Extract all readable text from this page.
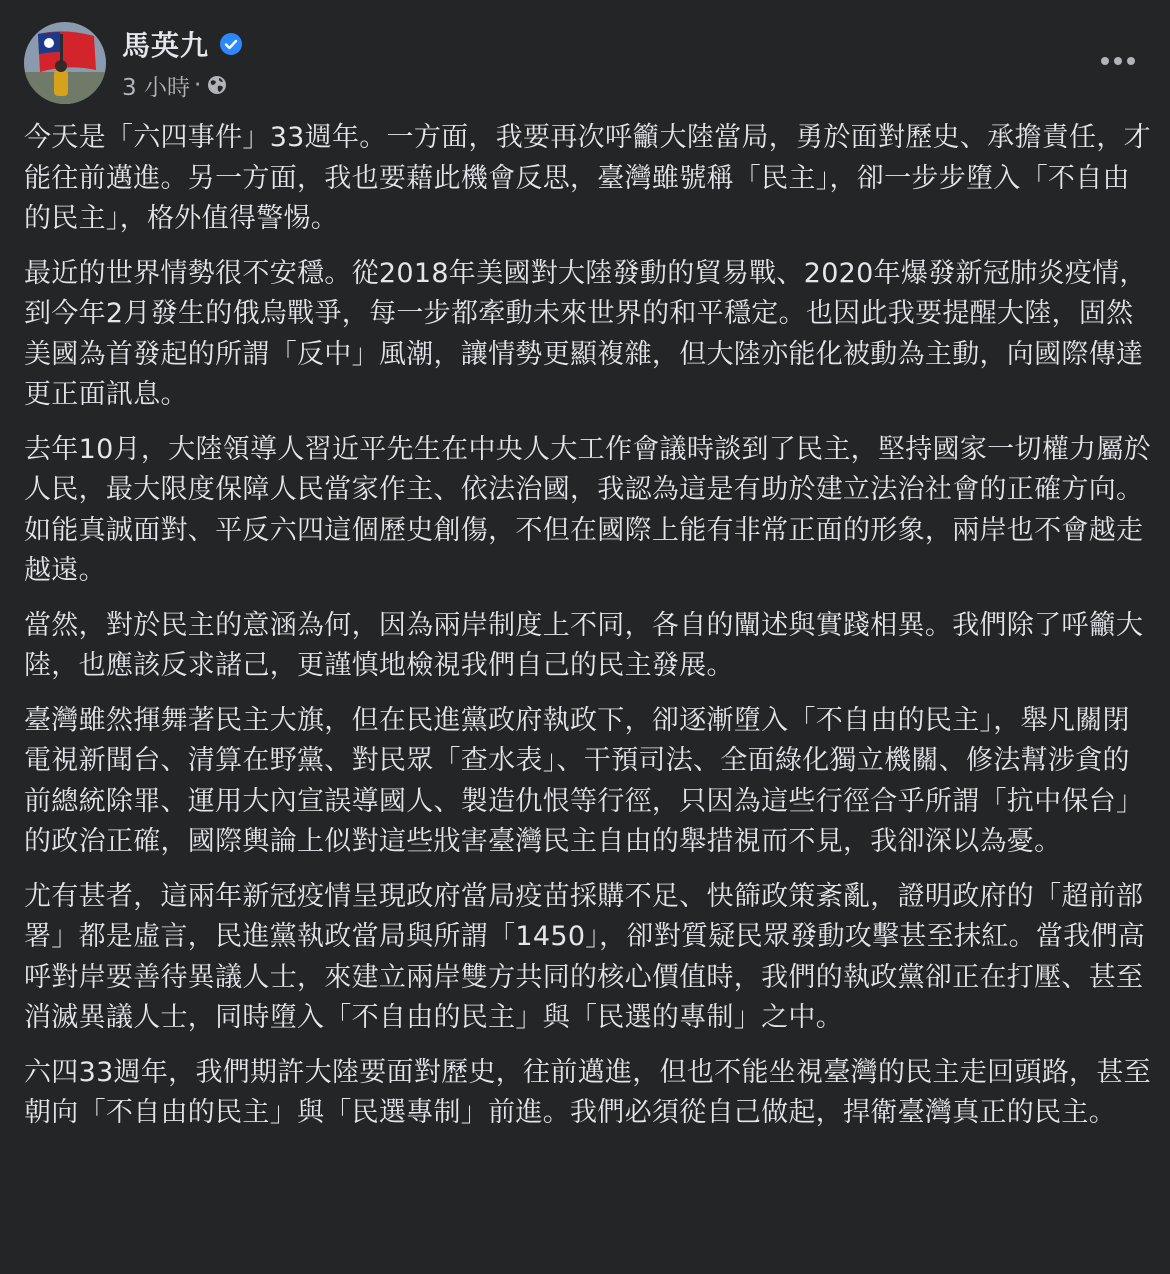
馬英九
3 小時 ·

今天是「六四事件」33週年。一方面，我要再次呼籲大陸當局，勇於面對歷史、承擔責任，才能往前邁進。另一方面，我也要藉此機會反思，臺灣雖號稱「民主」，卻一步步墮入「不自由的民主」，格外值得警惕。

最近的世界情勢很不安穩。從2018年美國對大陸發動的貿易戰、2020年爆發新冠肺炎疫情，到今年2月發生的俄烏戰爭，每一步都牽動未來世界的和平穩定。也因此我要提醒大陸，固然美國為首發起的所謂「反中」風潮，讓情勢更顯複雜，但大陸亦能化被動為主動，向國際傳達更正面訊息。

去年10月，大陸領導人習近平先生在中央人大工作會議時談到了民主，堅持國家一切權力屬於人民，最大限度保障人民當家作主、依法治國，我認為這是有助於建立法治社會的正確方向。如能真誠面對、平反六四這個歷史創傷，不但在國際上能有非常正面的形象，兩岸也不會越走越遠。

當然，對於民主的意涵為何，因為兩岸制度上不同，各自的闡述與實踐相異。我們除了呼籲大陸，也應該反求諸己，更謹慎地檢視我們自己的民主發展。

臺灣雖然揮舞著民主大旗，但在民進黨政府執政下，卻逐漸墮入「不自由的民主」，舉凡關閉電視新聞台、清算在野黨、對民眾「查水表」、干預司法、全面綠化獨立機關、修法幫涉貪的前總統除罪、運用大內宣誤導國人、製造仇恨等行徑，只因為這些行徑合乎所謂「抗中保台」的政治正確，國際輿論上似對這些戕害臺灣民主自由的舉措視而不見，我卻深以為憂。

尤有甚者，這兩年新冠疫情呈現政府當局疫苗採購不足、快篩政策紊亂，證明政府的「超前部署」都是虛言，民進黨執政當局與所謂「1450」，卻對質疑民眾發動攻擊甚至抹紅。當我們高呼對岸要善待異議人士，來建立兩岸雙方共同的核心價值時，我們的執政黨卻正在打壓、甚至消滅異議人士，同時墮入「不自由的民主」與「民選的專制」之中。

六四33週年，我們期許大陸要面對歷史，往前邁進，但也不能坐視臺灣的民主走回頭路，甚至朝向「不自由的民主」與「民選專制」前進。我們必須從自己做起，捍衛臺灣真正的民主。
